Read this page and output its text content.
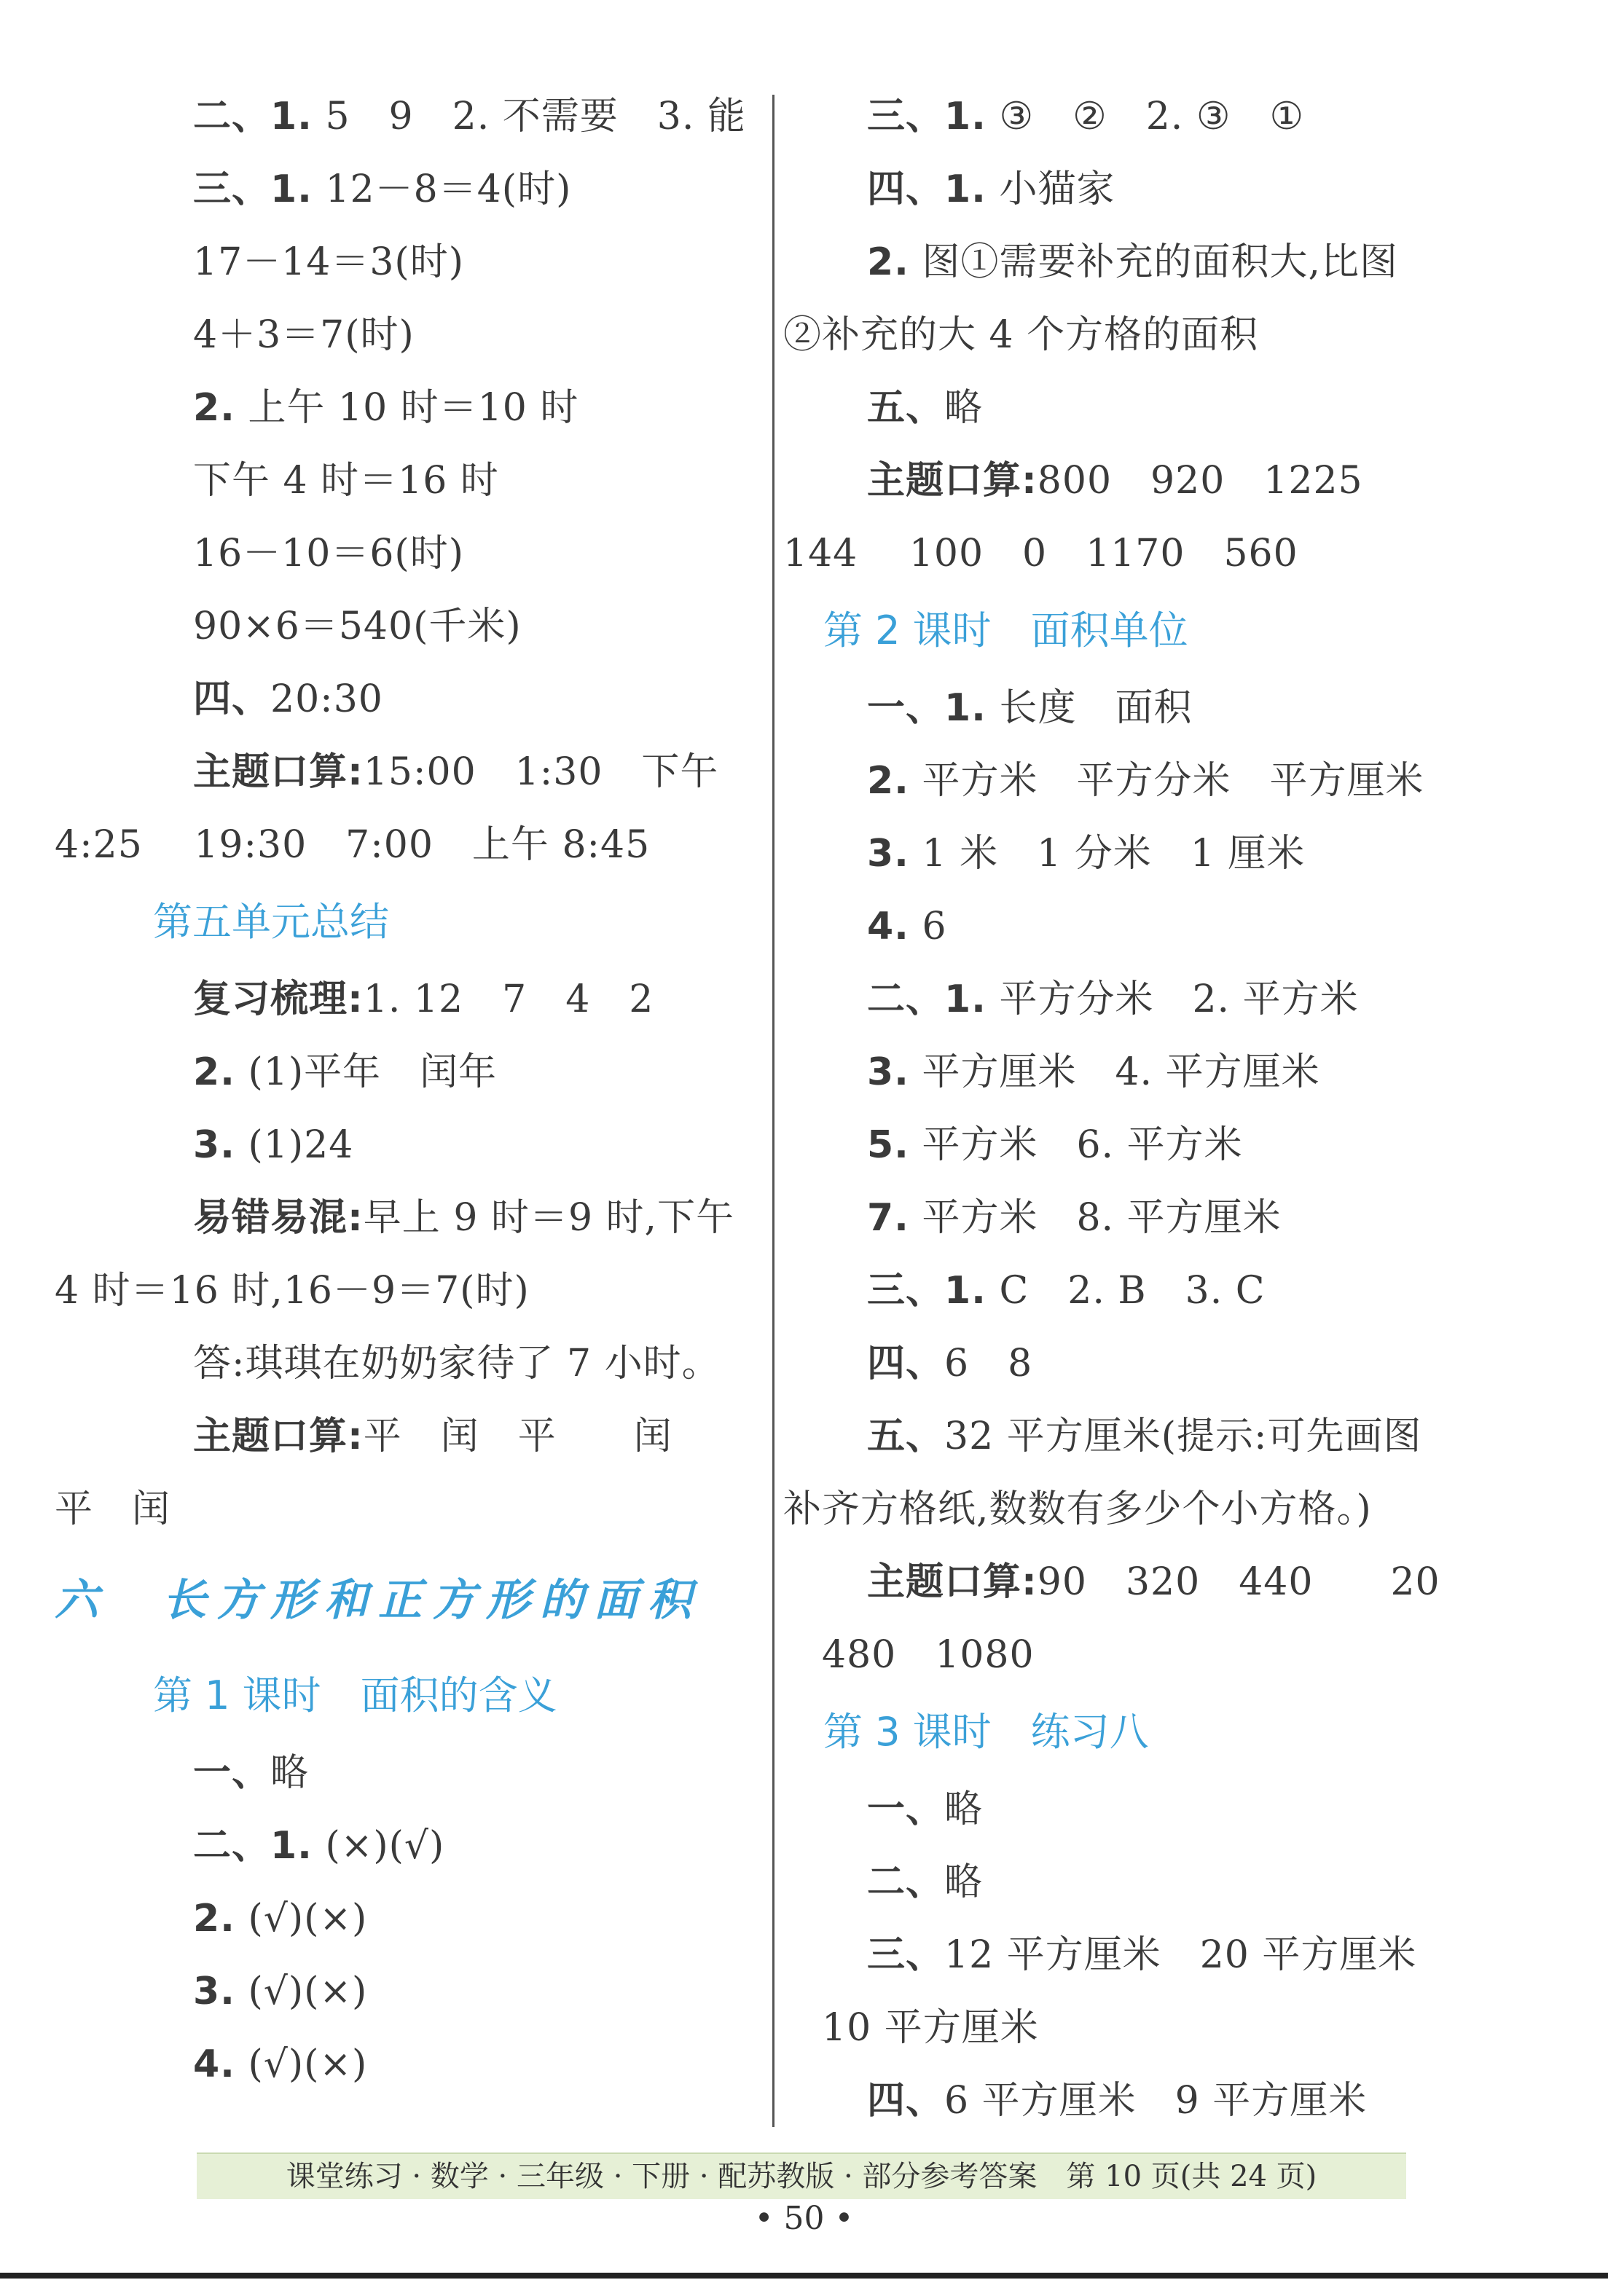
二、1. 5　9　2. 不需要　3. 能
三、1. 12－8＝4(时)
17－14＝3(时)
4＋3＝7(时)
2. 上午 10 时＝10 时
下午 4 时＝16 时
16－10＝6(时)
90×6＝540(千米)
四、20:30
主题口算:15:00　1:30　下午
4:25　 19:30　7:00　上午 8:45
第五单元总结
复习梳理:1. 12　7　4　2
2. (1)平年　闰年
3. (1)24
易错易混:早上 9 时＝9 时,下午
4 时＝16 时,16－9＝7(时)
答:琪琪在奶奶家待了 7 小时。
主题口算:平　闰　平　　闰
平　闰
六　长方形和正方形的面积
第 1 课时　面积的含义
一、略
二、1. (×)(√)
2. (√)(×)
3. (√)(×)
4. (√)(×)
三、1. ③　②　2. ③　①
四、1. 小猫家
2. 图①需要补充的面积大,比图
②补充的大 4 个方格的面积
五、略
主题口算:800　920　1225
144　 100　0　1170　560
第 2 课时　面积单位
一、1. 长度　面积
2. 平方米　平方分米　平方厘米
3. 1 米　1 分米　1 厘米
4. 6
二、1. 平方分米　2. 平方米
3. 平方厘米　4. 平方厘米
5. 平方米　6. 平方米
7. 平方米　8. 平方厘米
三、1. C　2. B　3. C
四、6　8
五、32 平方厘米(提示:可先画图
补齐方格纸,数数有多少个小方格。)
主题口算:90　320　440　　20
　480　1080
第 3 课时　练习八
一、略
二、略
三、12 平方厘米　20 平方厘米
　10 平方厘米
四、6 平方厘米　9 平方厘米
课堂练习 · 数学 · 三年级 · 下册 · 配苏教版 · 部分参考答案　第 10 页(共 24 页)
• 50 •
